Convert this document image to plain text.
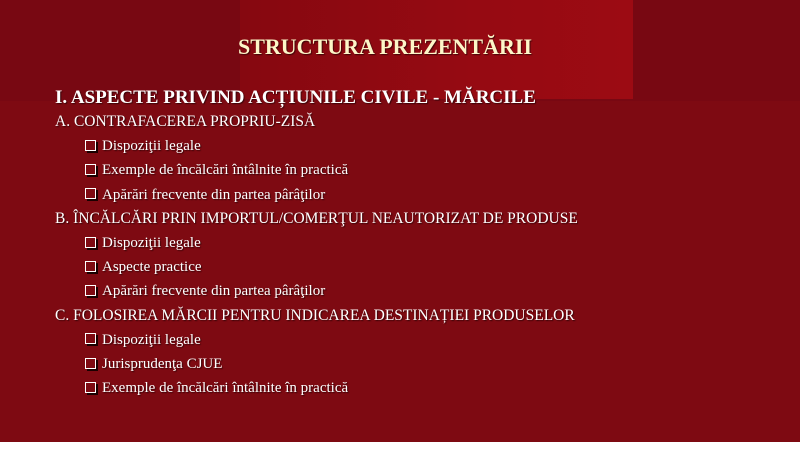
STRUCTURA PREZENTĂRII

I. ASPECTE PRIVIND ACȚIUNILE CIVILE - MĂRCILE

A. CONTRAFACEREA PROPRIU-ZISĂ

Dispoziţii legale

Exemple de încălcări întâlnite în practică

Apărări frecvente din partea pârâţilor

B. ÎNCĂLCĂRI PRIN IMPORTUL/COMERŢUL NEAUTORIZAT DE PRODUSE

Dispoziţii legale

Aspecte practice

Apărări frecvente din partea pârâţilor

C. FOLOSIREA MĂRCII PENTRU INDICAREA DESTINAȚIEI PRODUSELOR

Dispoziţii legale

Jurisprudenţa CJUE

Exemple de încălcări întâlnite în practică
